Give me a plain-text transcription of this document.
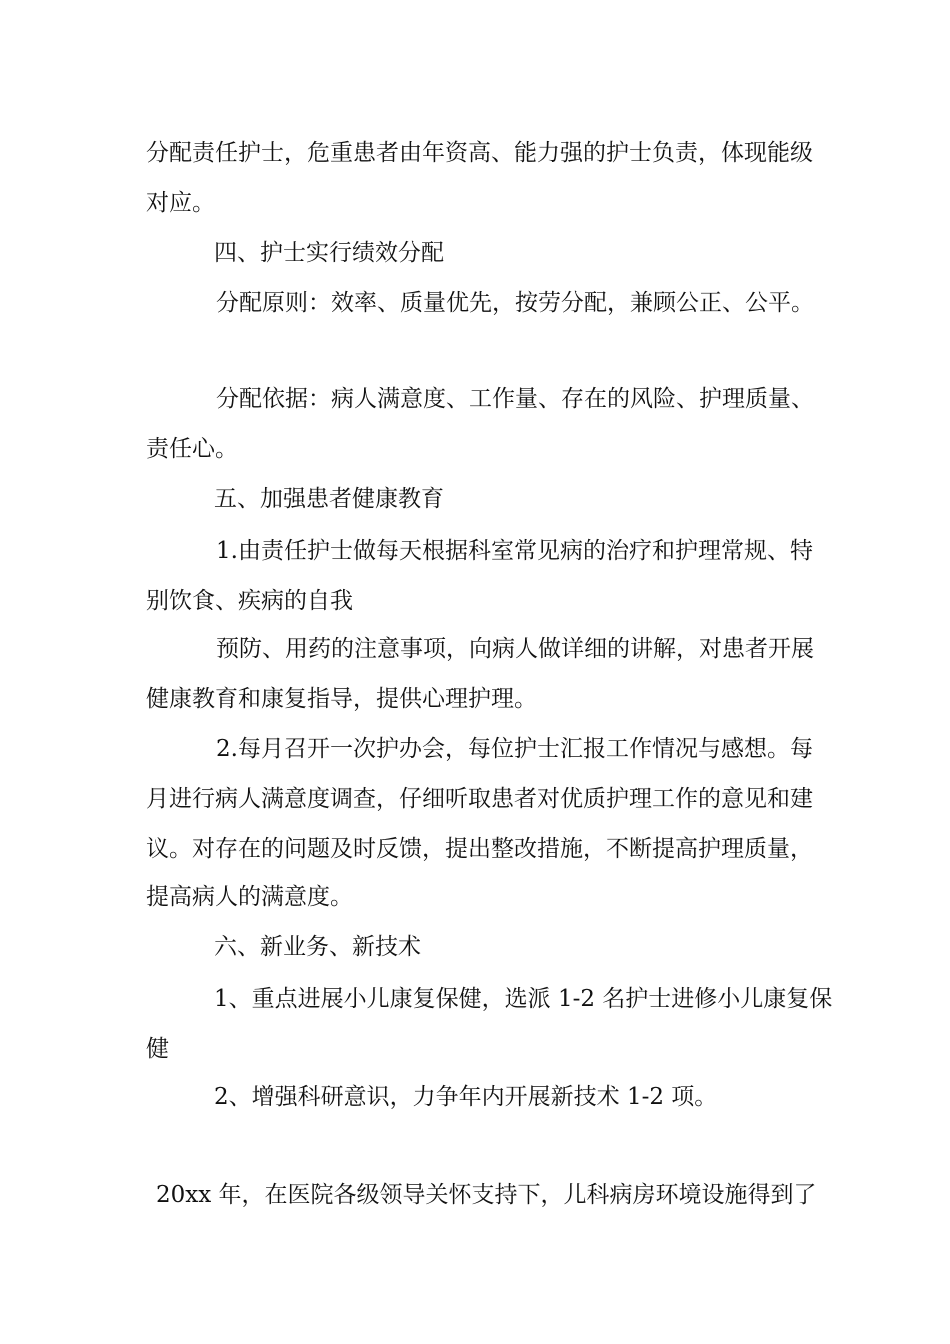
分配责任护士，危重患者由年资高、能力强的护士负责，体现能级
对应。
四、护士实行绩效分配
分配原则：效率、质量优先，按劳分配，兼顾公正、公平。
分配依据：病人满意度、工作量、存在的风险、护理质量、
责任心。
五、加强患者健康教育
1.由责任护士做每天根据科室常见病的治疗和护理常规、特
别饮食、疾病的自我
预防、用药的注意事项，向病人做详细的讲解，对患者开展
健康教育和康复指导，提供心理护理。
2.每月召开一次护办会，每位护士汇报工作情况与感想。每
月进行病人满意度调查，仔细听取患者对优质护理工作的意见和建
议。对存在的问题及时反馈，提出整改措施，不断提高护理质量，
提高病人的满意度。
六、新业务、新技术
1、重点进展小儿康复保健，选派 1-2 名护士进修小儿康复保
健
2、增强科研意识，力争年内开展新技术 1-2 项。
20xx 年，在医院各级领导关怀支持下，儿科病房环境设施得到了
